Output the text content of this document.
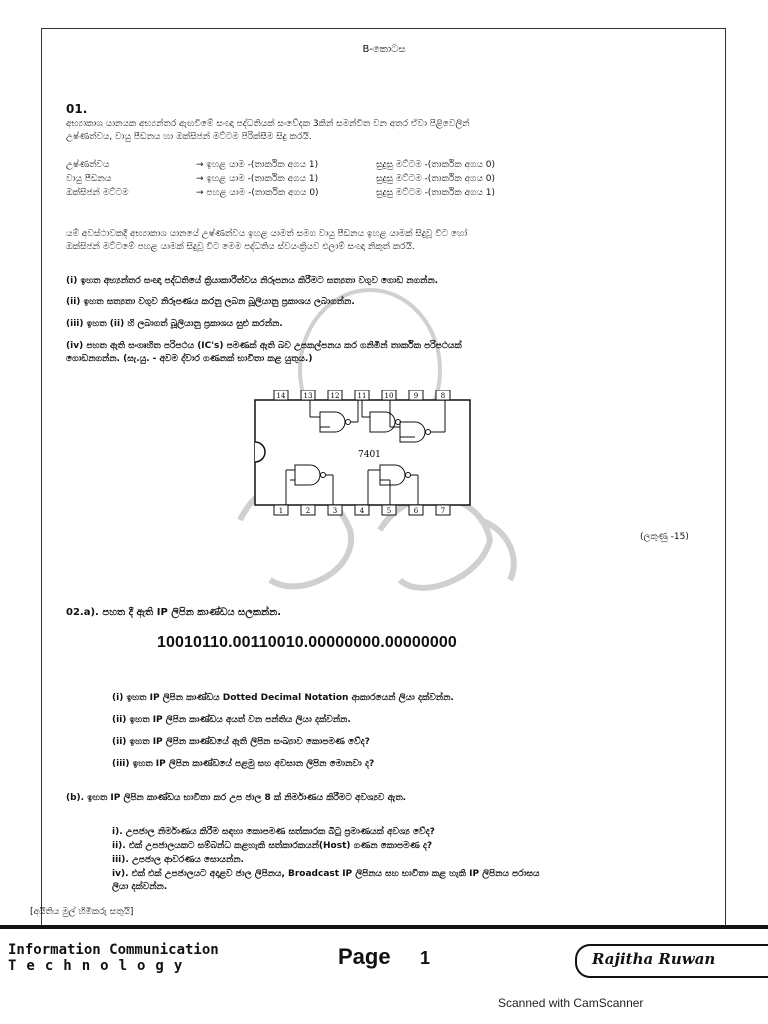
B-කොටස
01.
අභ්‍යාකාශ යානයක අභ්‍යන්තර ඇඟවීමේ සංඥා පද්ධතියක් සංවේදක 3කින් සමන්විත වන අතර ඒවා පිළිවෙලින්
උෂ්ණත්වය, වායු පීඩනය හා ඔක්සිජන් මට්ටම පිරික්සීම සිදු කරයි.
උෂ්ණත්වය	→ ඉහළ යාම -(තාර්කික අගය 1)	සුදුසු මට්ටම -(තාර්කික අගය 0)
වායු පීඩනය	→ ඉහළ යාම -(තාර්කික අගය 1)	සුදුසු මට්ටම -(තාර්කික අගය 0)
ඔක්සිජන් මට්ටම	→ පහළ යාම -(තාර්කික අගය 0)	සුදුසු මට්ටම -(තාර්කික අගය 1)
යම් අවස්ථාවකදී අභ්‍යාකාශ යානයේ උෂ්ණත්වය ඉහළ යාමත් සමග වායු පීඩනය ඉහළ යාමක් සිදුවූ විට හෝ
ඔක්සිජන් මට්ටමේ පහළ යාමක් සිදුවූ විට මෙම පද්ධතිය ස්වයංක්‍රියව එලාම් සංඥා නිකුත් කරයි.
(i) ඉහත අභ්‍යන්තර සංඥා පද්ධතියේ ක්‍රියාකාරීත්වය නිරූපනය කිරීමට සත්‍යතා වගුව ගොඩ නගන්න.
(ii) ඉහත සත්‍යතා වගුව නිරූපණය කරනු ලබන බූලියානු ප්‍රකාශය ලබාගන්න.
(iii) ඉහත (ii) හි ලබාගත් බූලියානු ප්‍රකාශය සුළු කරන්න.
(iv) පහත ඇති සංගෘහිත පරිපථය (IC's) පමණක් ඇති බව උපකල්පනය කර ගනිමින් තාර්කික පරිපථයක්
ගොඩනගන්න. (සැ.යු. - අවම ද්වාර ගණනක් භාවිතා කළ යුතුය.)
14	13	12	11	10	9	8
1	2	3	4	5	6	7
7401
(ලකුණු -15)
02.a). පහත දී ඇති IP ලිපින කාණ්ඩය සලකන්න.
10010110.00110010.00000000.00000000
(i) ඉහත IP ලිපින කාණ්ඩය Dotted Decimal Notation ආකාරයෙන් ලියා දක්වන්න.
(ii) ඉහත IP ලිපින කාණ්ඩය අයත් වන පන්තිය ලියා දක්වන්න.
(ii) ඉහත IP ලිපින කාණ්ඩයේ ඇති ලිපින සංඛ්‍යාව කොපමණ වේද?
(iii) ඉහත IP ලිපින කාණ්ඩයේ පළමු සහ අවසාන ලිපින මොනවා ද?
(b). ඉහත IP ලිපින කාණ්ඩය භාවිතා කර උප ජාල 8 ක් නිර්මාණය කිරීමට අවශ්‍යව ඇත.
i). උපජාල නිර්මාණය කිරීම සඳහා කොපමණ සත්කාරක බිටු ප්‍රමාණයක් අවශ්‍ය වේද?
ii). එක් උපජාලයකට සම්බන්ධ කළහැකි සත්කාරකයන්(Host) ගණන කොපමණ ද?
iii). උපජාල ආවරණය සොයන්න.
iv). එක් එක් උපජාලයට අදාළව ජාල ලිපිනය, Broadcast IP ලිපිනය සහ භාවිතා කළ හැකි IP ලිපිනය පරාසය
ලියා දක්වන්න.
[අයිතිය මුල් හිමිකරු සතුයි]
Information Communication
Technology	Page 1	Rajitha Ruwan
Scanned with CamScanner
